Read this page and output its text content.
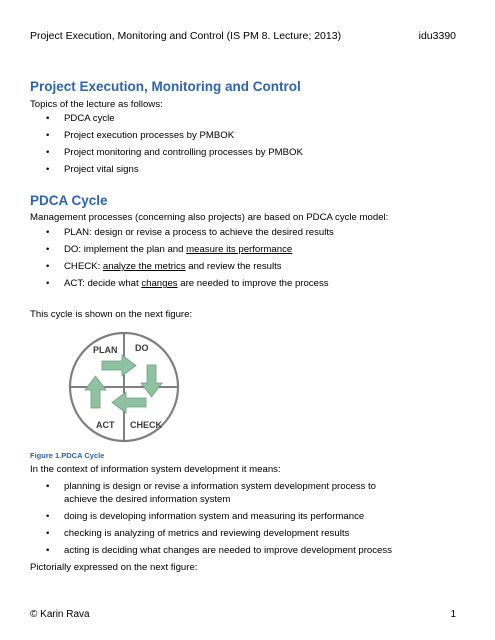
Project Execution, Monitoring and Control (IS PM 8. Lecture; 2013)	idu3390
Project Execution, Monitoring and Control
Topics of the lecture as follows:
• PDCA cycle
• Project execution processes by PMBOK
• Project monitoring and controlling processes by PMBOK
• Project vital signs
PDCA Cycle
Management processes (concerning also projects) are based on PDCA cycle model:
• PLAN: design or revise a process to achieve the desired results
• DO: implement the plan and measure its performance
• CHECK: analyze the metrics and review the results
• ACT: decide what changes are needed to improve the process
This cycle is shown on the next figure:
PLAN DO
ACT CHECK
Figure 1.PDCA Cycle
In the context of information system development it means:
• planning is design or revise a information system development process to
achieve the desired information system
• doing is developing information system and measuring its performance
• checking is analyzing of metrics and reviewing development results
• acting is deciding what changes are needed to improve development process
Pictorially expressed on the next figure:
© Karin Rava	1
